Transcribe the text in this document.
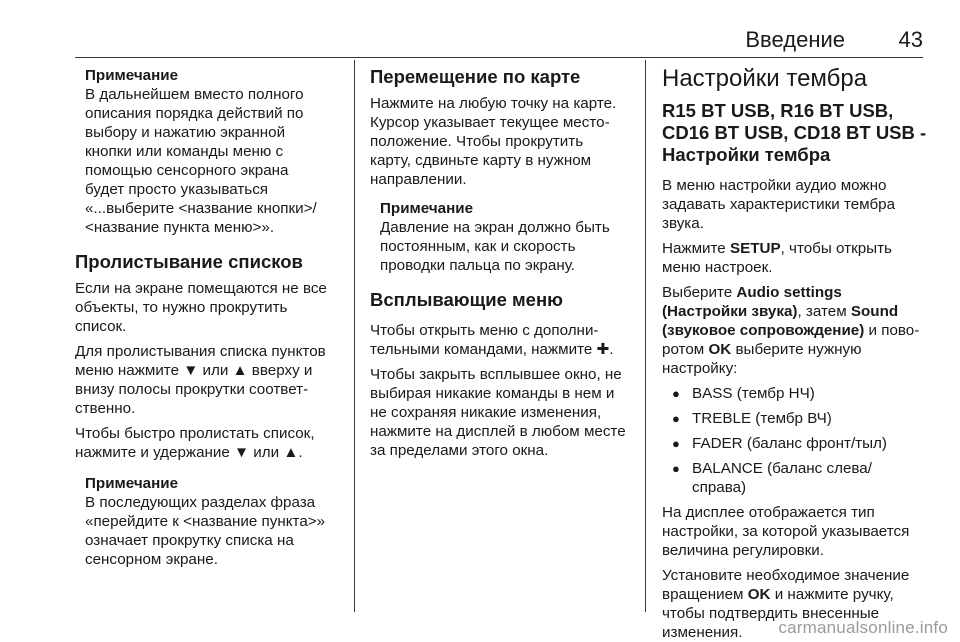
Введение 43
Примечание
В дальнейшем вместо полного
описания порядка действий по
выбору и нажатию экранной
кнопки или команды меню с
помощью сенсорного экрана
будет просто указываться
«...выберите <название кнопки>/
<название пункта меню>».
Пролистывание списков

Если на экране помещаются не все
объекты, то нужно прокрутить
список.

Для пролистывания списка пунктов
меню нажмите ▼ или ▲ вверху и
внизу полосы прокрутки соответ-
ственно.

Чтобы быстро пролистать список,
нажмите и удержание ▼ или ▲.

Примечание
В последующих разделах фраза
«перейдите к <название пункта>»
означает прокрутку списка на
сенсорном экране.
Перемещение по карте

Нажмите на любую точку на карте.
Курсор указывает текущее место-
положение. Чтобы прокрутить
карту, сдвиньте карту в нужном
направлении.

Примечание
Давление на экран должно быть
постоянным, как и скорость
проводки пальца по экрану.
Всплывающие меню

Чтобы открыть меню с дополни-
тельными командами, нажмите ✚.

Чтобы закрыть всплывшее окно, не
выбирая никакие команды в нем и
не сохраняя никакие изменения,
нажмите на дисплей в любом месте
за пределами этого окна.

Настройки тембра
R15 BT USB, R16 BT USB,
CD16 BT USB, CD18 BT USB -
Настройки тембра

В меню настройки аудио можно
задавать характеристики тембра
звука.

Нажмите SETUP, чтобы открыть
меню настроек.

Выберите Audio settings
(Настройки звука), затем Sound
(звуковое сопровождение) и пово-
ротом OK выберите нужную
настройку:

● BASS (тембр НЧ)
● TREBLE (тембр ВЧ)
● FADER (баланс фронт/тыл)
● BALANCE (баланс слева/
справа)

На дисплее отображается тип
настройки, за которой указывается
величина регулировки.

Установите необходимое значение
вращением OK и нажмите ручку,
чтобы подтвердить внесенные
изменения.	carmanualsonline.info
